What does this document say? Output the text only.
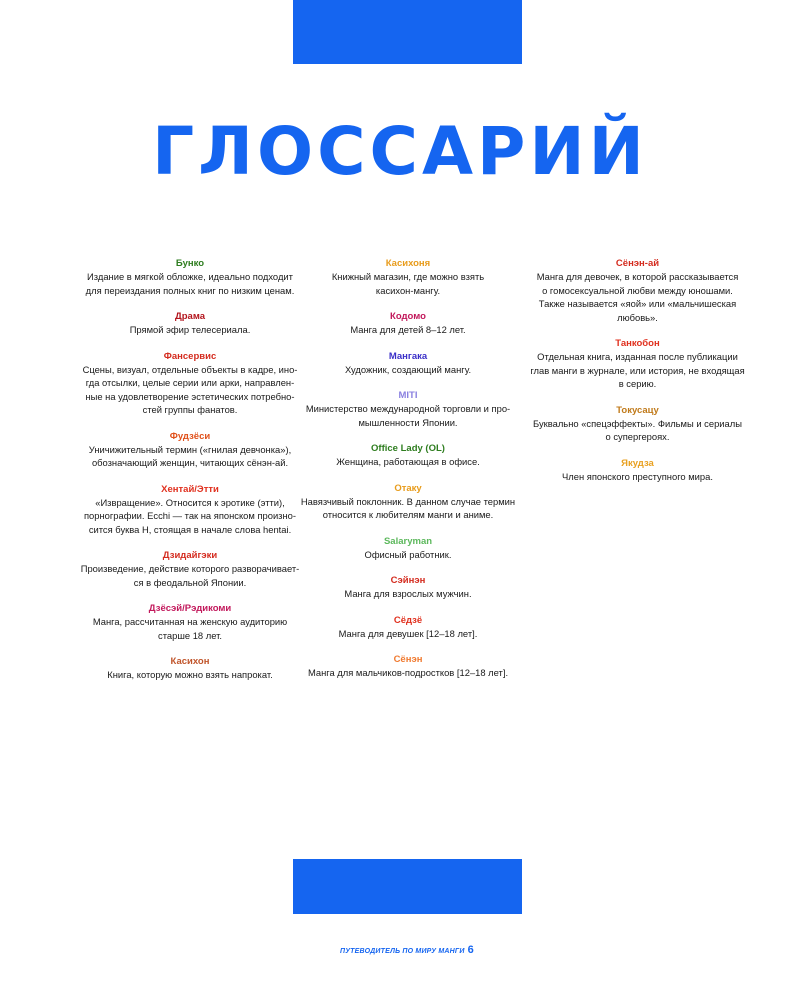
ГЛОССАРИЙ
Бунко
Издание в мягкой обложке, идеально подходит
для переиздания полных книг по низким ценам.
Драма
Прямой эфир телесериала.
Фансервис
Сцены, визуал, отдельные объекты в кадре, ино-
гда отсылки, целые серии или арки, направлен-
ные на удовлетворение эстетических потребно-
стей группы фанатов.
Фудзёси
Уничижительный термин («гнилая девчонка»),
обозначающий женщин, читающих сёнэн-ай.
Хентай/Этти
«Извращение». Относится к эротике (этти),
порнографии. Ecchi — так на японском произно-
сится буква H, стоящая в начале слова hentai.
Дзидайгэки
Произведение, действие которого разворачивает-
ся в феодальной Японии.
Дзёсэй/Рэдикоми
Манга, рассчитанная на женскую аудиторию
старше 18 лет.
Касихон
Книга, которую можно взять напрокат.
Касихоня
Книжный магазин, где можно взять
касихон-мангу.
Кодомо
Манга для детей 8–12 лет.
Мангака
Художник, создающий мангу.
MITI
Министерство международной торговли и про-
мышленности Японии.
Office Lady (OL)
Женщина, работающая в офисе.
Отаку
Навязчивый поклонник. В данном случае термин
относится к любителям манги и аниме.
Salaryman
Офисный работник.
Сэйнэн
Манга для взрослых мужчин.
Сёдзё
Манга для девушек [12–18 лет].
Сёнэн
Манга для мальчиков-подростков [12–18 лет].
Сёнэн-ай
Манга для девочек, в которой рассказывается
о гомосексуальной любви между юношами.
Также называется «яой» или «мальчишеская
любовь».
Танкобон
Отдельная книга, изданная после публикации
глав манги в журнале, или история, не входящая
в серию.
Токусацу
Буквально «спецэффекты». Фильмы и сериалы
о супергероях.
Якудза
Член японского преступного мира.
ПУТЕВОДИТЕЛЬ ПО МИРУ МАНГИ 6
